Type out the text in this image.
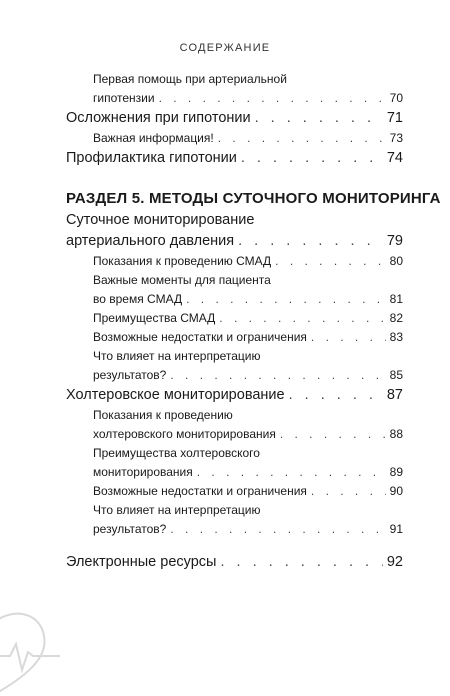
СОДЕРЖАНИЕ
РАЗДЕЛ 5. МЕТОДЫ СУТОЧНОГО МОНИТОРИНГА
Первая помощь при артериальной
гипотензии . . .	70
Осложнения при гипотонии . . .	71
Важная информация! . . .	73
Профилактика гипотонии . . .	74
Суточное мониторирование
артериального давления . . .	79
Показания к проведению СМАД . . .	80
Важные моменты для пациента
во время СМАД . . .	81
Преимущества СМАД . . .	82
Возможные недостатки и ограничения . . .	83
Что влияет на интерпретацию
результатов? . . .	85
Холтеровское мониторирование . . .	87
Показания к проведению
холтеровского мониторирования . . .	88
Преимущества холтеровского
мониторирования . . .	89
Возможные недостатки и ограничения . . .	90
Что влияет на интерпретацию
результатов? . . .	91
Электронные ресурсы . . .	92
